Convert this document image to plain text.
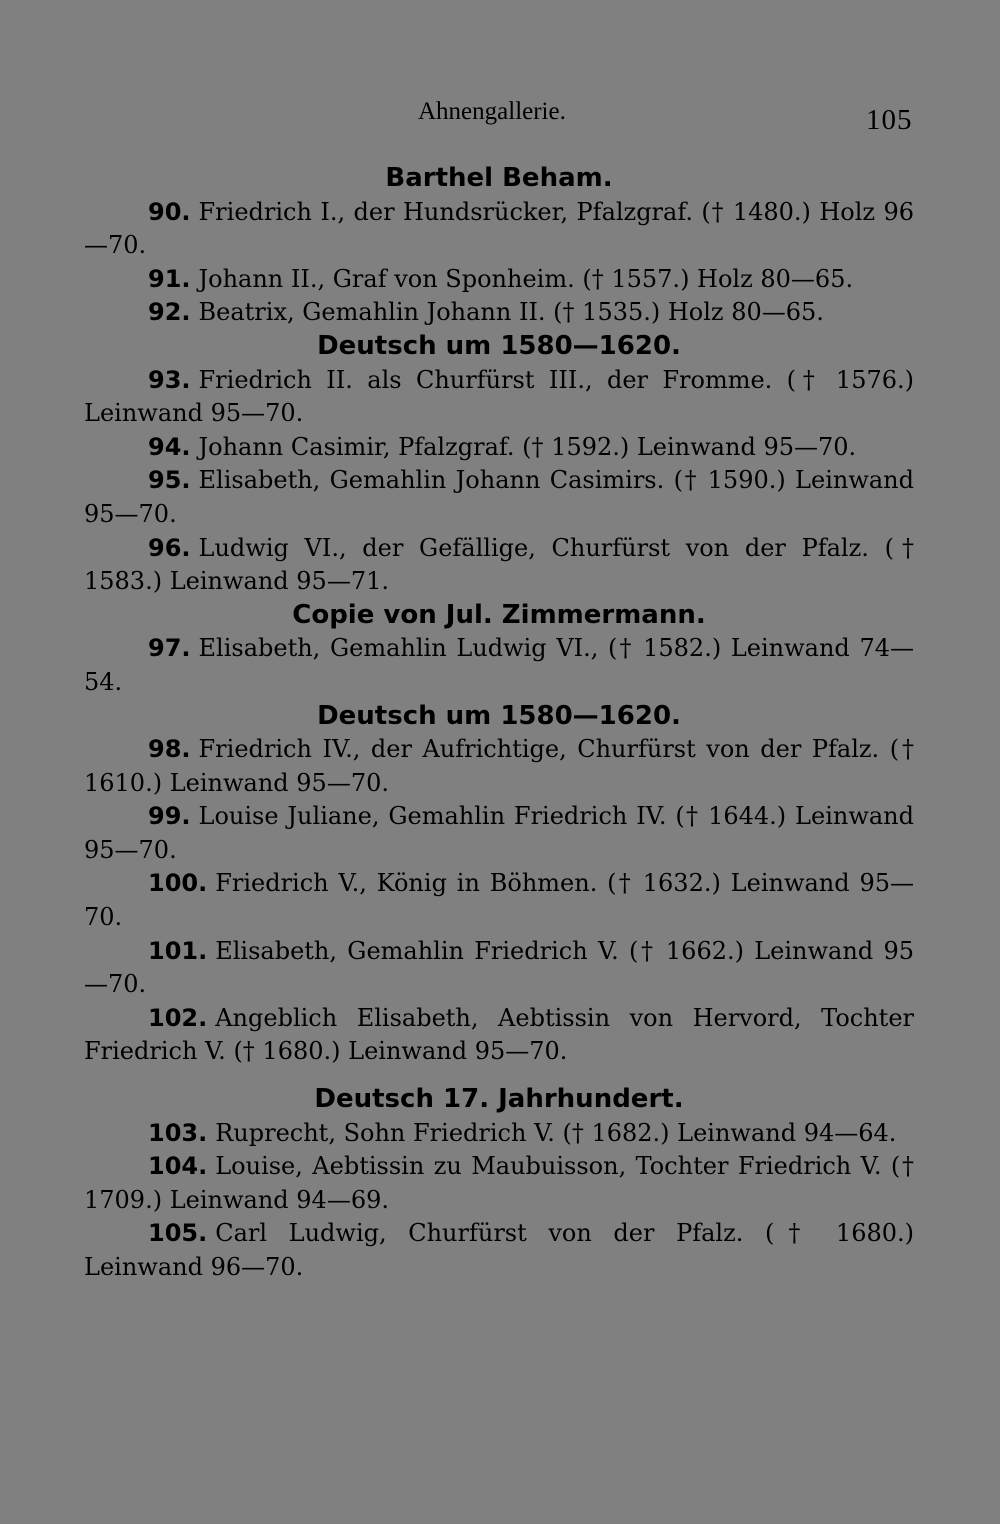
Ahnengallerie.	105
Barthel Beham.
90. Friedrich I., der Hundsrücker, Pfalzgraf. († 1480.) Holz 96—70.
91. Johann II., Graf von Sponheim. († 1557.) Holz 80—65.
92. Beatrix, Gemahlin Johann II. († 1535.) Holz 80—65.
Deutsch um 1580—1620.
93. Friedrich II. als Churfürst III., der Fromme. († 1576.) Leinwand 95—70.
94. Johann Casimir, Pfalzgraf. († 1592.) Leinwand 95—70.
95. Elisabeth, Gemahlin Johann Casimirs. († 1590.) Leinwand 95—70.
96. Ludwig VI., der Gefällige, Churfürst von der Pfalz. († 1583.) Leinwand 95—71.
Copie von Jul. Zimmermann.
97. Elisabeth, Gemahlin Ludwig VI., († 1582.) Leinwand 74—54.
Deutsch um 1580—1620.
98. Friedrich IV., der Aufrichtige, Churfürst von der Pfalz. († 1610.) Leinwand 95—70.
99. Louise Juliane, Gemahlin Friedrich IV. († 1644.) Leinwand 95—70.
100. Friedrich V., König in Böhmen. († 1632.) Leinwand 95—70.
101. Elisabeth, Gemahlin Friedrich V. († 1662.) Leinwand 95—70.
102. Angeblich Elisabeth, Aebtissin von Hervord, Tochter Friedrich V. († 1680.) Leinwand 95—70.
Deutsch 17. Jahrhundert.
103. Ruprecht, Sohn Friedrich V. († 1682.) Leinwand 94—64.
104. Louise, Aebtissin zu Maubuisson, Tochter Friedrich V. († 1709.) Leinwand 94—69.
105. Carl Ludwig, Churfürst von der Pfalz. († 1680.) Leinwand 96—70.
